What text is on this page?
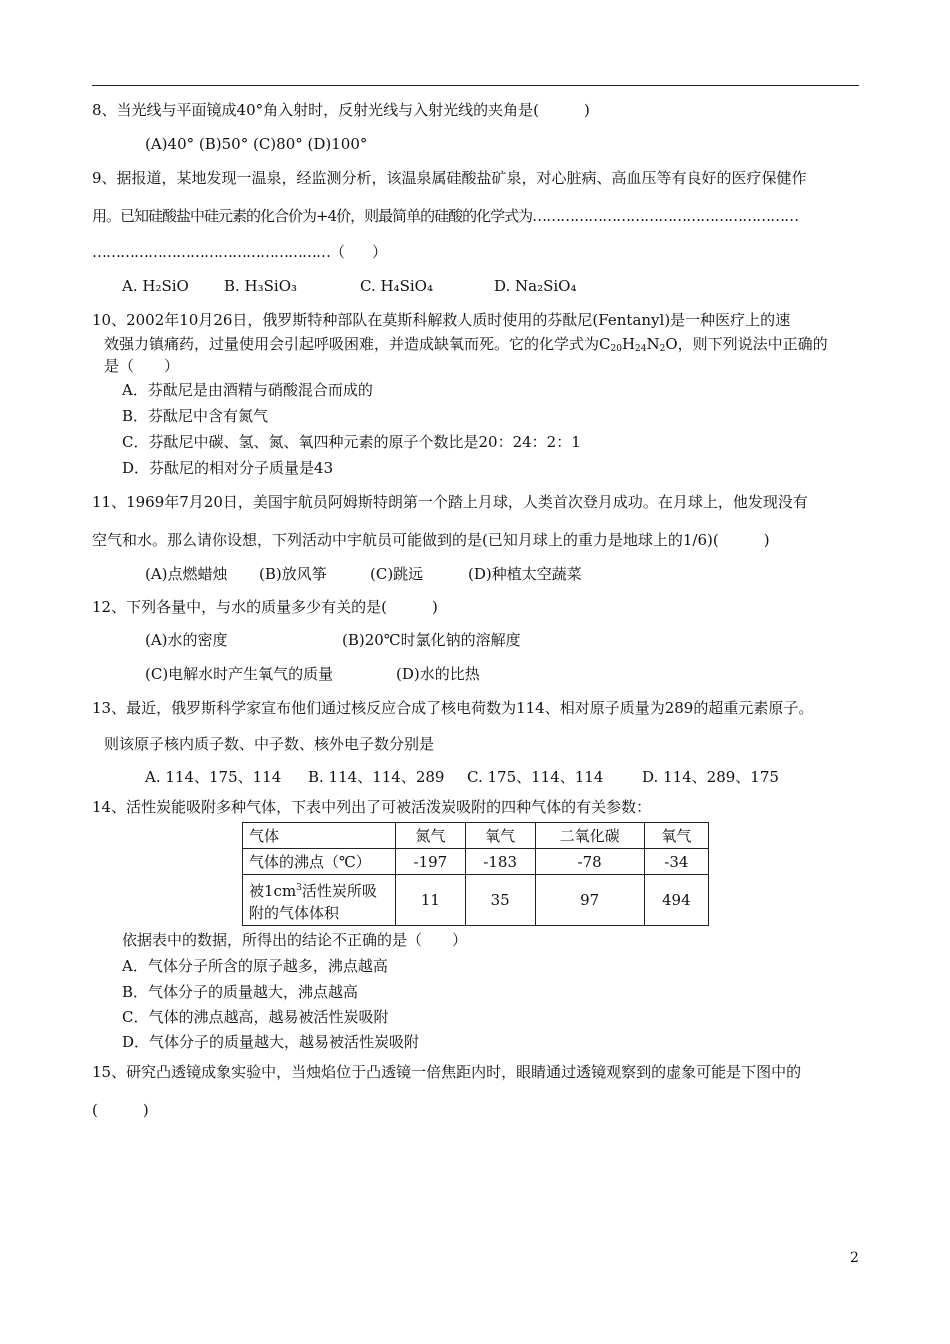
8、当光线与平面镜成40°角入射时，反射光线与入射光线的夹角是(　　　)
(A)40° (B)50° (C)80° (D)100°
9、据报道，某地发现一温泉，经监测分析，该温泉属硅酸盐矿泉，对心脏病、高血压等有良好的医疗保健作
用。已知硅酸盐中硅元素的化合价为+4价，则最简单的硅酸的化学式为…………………………………………………
……………………………………………（　　）
A. H₂SiO B. H₃SiO₃	C. H₄SiO₄	D. Na₂SiO₄
10、2002年10月26日，俄罗斯特种部队在莫斯科解救人质时使用的芬酞尼(Fentanyl)是一种医疗上的速
效强力镇痛药，过量使用会引起呼吸困难，并造成缺氧而死。它的化学式为$C_{20}H_{24}N_2O$，则下列说法中正确的
是（　　）
A．芬酞尼是由酒精与硝酸混合而成的
B．芬酞尼中含有氮气
C．芬酞尼中碳、氢、氮、氧四种元素的原子个数比是20：24：2：1
D．芬酞尼的相对分子质量是43
11、1969年7月20日，美国宇航员阿姆斯特朗第一个踏上月球，人类首次登月成功。在月球上，他发现没有
空气和水。那么请你设想，下列活动中宇航员可能做到的是(已知月球上的重力是地球上的1/6)(　　　)
(A)点燃蜡烛 (B)放风筝	(C)跳远	(D)种植太空蔬菜
12、下列各量中，与水的质量多少有关的是(　　　)
(A)水的密度	(B)20℃时氯化钠的溶解度
(C)电解水时产生氧气的质量	(D)水的比热
13、最近，俄罗斯科学家宣布他们通过核反应合成了核电荷数为114、相对原子质量为289的超重元素原子。
则该原子核内质子数、中子数、核外电子数分别是
A. 114、175、114 B. 114、114、289 C. 175、114、114	D. 114、289、175
14、活性炭能吸附多种气体，下表中列出了可被活泼炭吸附的四种气体的有关参数：
气体	氮气	氧气	二氧化碳	氧气
气体的沸点（℃）	-197	-183	-78	-34
被$1cm^3$活性炭所吸
附的气体体积	11	35	97	494
依据表中的数据，所得出的结论不正确的是（　　）
A．气体分子所含的原子越多，沸点越高
B．气体分子的质量越大，沸点越高
C．气体的沸点越高，越易被活性炭吸附
D．气体分子的质量越大，越易被活性炭吸附
15、研究凸透镜成象实验中，当烛焰位于凸透镜一倍焦距内时，眼睛通过透镜观察到的虚象可能是下图中的
(　　　)
2
